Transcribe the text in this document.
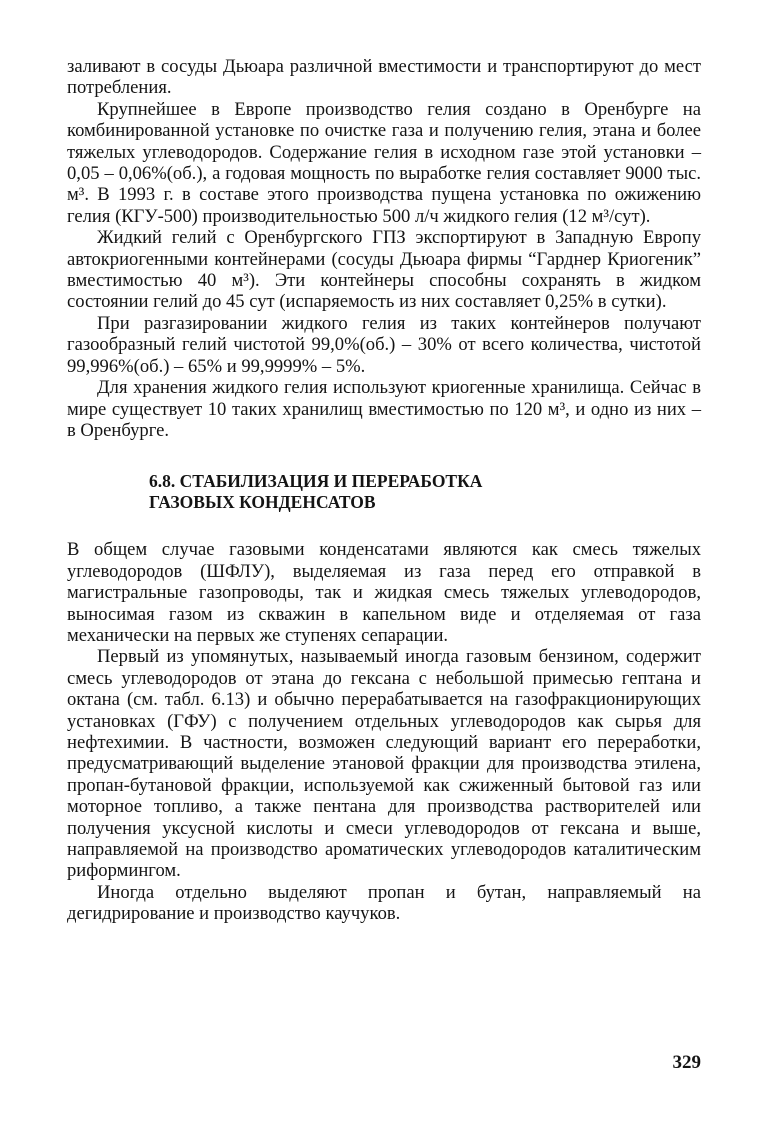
заливают в сосуды Дьюара различной вместимости и транспортируют до мест потребления.

Крупнейшее в Европе производство гелия создано в Оренбурге на комбинированной установке по очистке газа и получению гелия, этана и более тяжелых углеводородов. Содержание гелия в исходном газе этой установки – 0,05 – 0,06%(об.), а годовая мощность по выработке гелия составляет 9000 тыс. м³. В 1993 г. в составе этого производства пущена установка по ожижению гелия (КГУ-500) производительностью 500 л/ч жидкого гелия (12 м³/сут).

Жидкий гелий с Оренбургского ГПЗ экспортируют в Западную Европу автокриогенными контейнерами (сосуды Дьюара фирмы “Гарднер Криогеник” вместимостью 40 м³). Эти контейнеры способны сохранять в жидком состоянии гелий до 45 сут (испаряемость из них составляет 0,25% в сутки).

При разгазировании жидкого гелия из таких контейнеров получают газообразный гелий чистотой 99,0%(об.) – 30% от всего количества, чистотой 99,996%(об.) – 65% и 99,9999% – 5%.

Для хранения жидкого гелия используют криогенные хранилища. Сейчас в мире существует 10 таких хранилищ вместимостью по 120 м³, и одно из них – в Оренбурге.

6.8. СТАБИЛИЗАЦИЯ И ПЕРЕРАБОТКА
ГАЗОВЫХ КОНДЕНСАТОВ

В общем случае газовыми конденсатами являются как смесь тяжелых углеводородов (ШФЛУ), выделяемая из газа перед его отправкой в магистральные газопроводы, так и жидкая смесь тяжелых углеводородов, выносимая газом из скважин в капельном виде и отделяемая от газа механически на первых же ступенях сепарации.

Первый из упомянутых, называемый иногда газовым бензином, содержит смесь углеводородов от этана до гексана с небольшой примесью гептана и октана (см. табл. 6.13) и обычно перерабатывается на газофракционирующих установках (ГФУ) с получением отдельных углеводородов как сырья для нефтехимии. В частности, возможен следующий вариант его переработки, предусматривающий выделение этановой фракции для производства этилена, пропан-бутановой фракции, используемой как сжиженный бытовой газ или моторное топливо, а также пентана для производства растворителей или получения уксусной кислоты и смеси углеводородов от гексана и выше, направляемой на производство ароматических углеводородов каталитическим риформингом.

Иногда отдельно выделяют пропан и бутан, направляемый на дегидрирование и производство каучуков.

329
